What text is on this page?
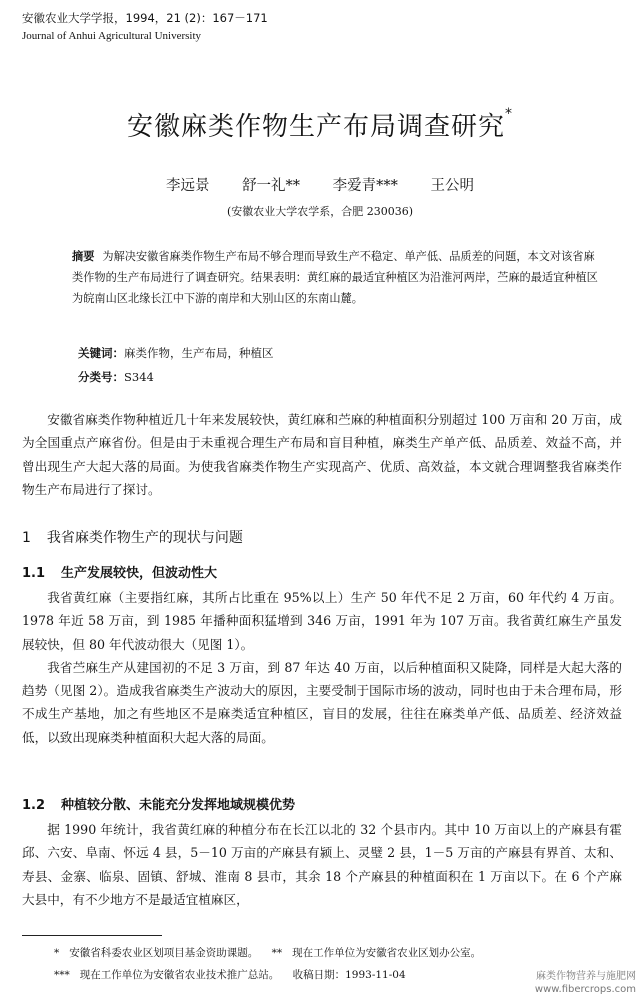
安徽农业大学学报，1994，21 (2)：167－171
Journal of Anhui Agricultural University
安徽麻类作物生产布局调查研究*
李远景 舒一礼** 李爱青*** 王公明
(安徽农业大学农学系，合肥 230036)
摘要 为解决安徽省麻类作物生产布局不够合理而导致生产不稳定、单产低、品质差的问题，本文对该省麻类作物的生产布局进行了调查研究。结果表明：黄红麻的最适宜种植区为沿淮河两岸，苎麻的最适宜种植区为皖南山区北缘长江中下游的南岸和大别山区的东南山麓。
关键词：麻类作物，生产布局，种植区
分类号：S344

安徽省麻类作物种植近几十年来发展较快，黄红麻和苎麻的种植面积分别超过 100 万亩和 20 万亩，成为全国重点产麻省份。但是由于未重视合理生产布局和盲目种植，麻类生产单产低、品质差、效益不高，并曾出现生产大起大落的局面。为使我省麻类作物生产实现高产、优质、高效益，本文就合理调整我省麻类作物生产布局进行了探讨。

1 我省麻类作物生产的现状与问题
1.1 生产发展较快，但波动性大

我省黄红麻（主要指红麻，其所占比重在 95%以上）生产 50 年代不足 2 万亩，60 年代约 4 万亩。1978 年近 58 万亩，到 1985 年播种面积猛增到 346 万亩，1991 年为 107 万亩。我省黄红麻生产虽发展较快，但 80 年代波动很大（见图 1）。

我省苎麻生产从建国初的不足 3 万亩，到 87 年达 40 万亩，以后种植面积又陡降，同样是大起大落的趋势（见图 2）。造成我省麻类生产波动大的原因，主要受制于国际市场的波动，同时也由于未合理布局，形不成生产基地，加之有些地区不是麻类适宜种植区，盲目的发展，往往在麻类单产低、品质差、经济效益低，以致出现麻类种植面积大起大落的局面。

1.2 种植较分散、未能充分发挥地域规模优势

据 1990 年统计，我省黄红麻的种植分布在长江以北的 32 个县市内。其中 10 万亩以上的产麻县有霍邱、六安、阜南、怀远 4 县，5－10 万亩的产麻县有颍上、灵璧 2 县，1－5 万亩的产麻县有界首、太和、寿县、金寨、临泉、固镇、舒城、淮南 8 县市，其余 18 个产麻县的种植面积在 1 万亩以下。在 6 个产麻大县中，有不少地方不是最适宜植麻区，

* 安徽省科委农业区划项目基金资助课题。 ** 现在工作单位为安徽省农业区划办公室。
*** 现在工作单位为安徽省农业技术推广总站。 收稿日期：1993-11-04	麻类作物营养与施肥网
www.fibercrops.com
